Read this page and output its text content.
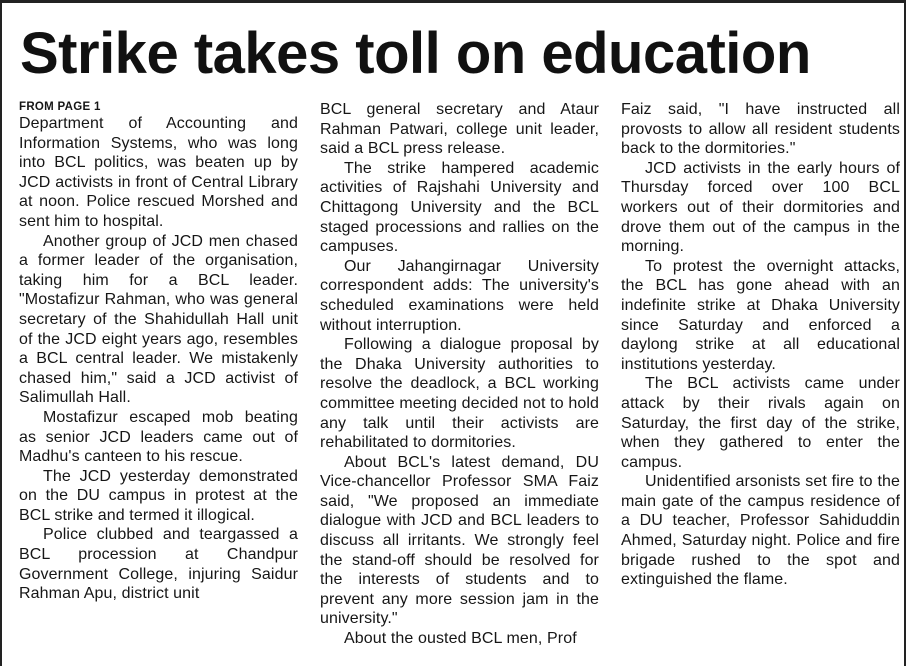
Strike takes toll on education
FROM PAGE 1

Department of Accounting and Information Systems, who was long into BCL politics, was beaten up by JCD activists in front of Central Library at noon. Police rescued Morshed and sent him to hospital.

Another group of JCD men chased a former leader of the organisation, taking him for a BCL leader. "Mostafizur Rahman, who was general secretary of the Shahidullah Hall unit of the JCD eight years ago, resembles a BCL central leader. We mistakenly chased him," said a JCD activist of Salimullah Hall.

Mostafizur escaped mob beating as senior JCD leaders came out of Madhu's canteen to his rescue.

The JCD yesterday demonstrated on the DU campus in protest at the BCL strike and termed it illogical.

Police clubbed and teargassed a BCL procession at Chandpur Government College, injuring Saidur Rahman Apu, district unit

BCL general secretary and Ataur Rahman Patwari, college unit leader, said a BCL press release.

The strike hampered academic activities of Rajshahi University and Chittagong University and the BCL staged processions and rallies on the campuses.

Our Jahangirnagar University correspondent adds: The university's scheduled examinations were held without interruption.

Following a dialogue proposal by the Dhaka University authorities to resolve the deadlock, a BCL working committee meeting decided not to hold any talk until their activists are rehabilitated to dormitories.

About BCL's latest demand, DU Vice-chancellor Professor SMA Faiz said, "We proposed an immediate dialogue with JCD and BCL leaders to discuss all irritants. We strongly feel the stand-off should be resolved for the interests of students and to prevent any more session jam in the university."

About the ousted BCL men, Prof

Faiz said, "I have instructed all provosts to allow all resident students back to the dormitories."

JCD activists in the early hours of Thursday forced over 100 BCL workers out of their dormitories and drove them out of the campus in the morning.

To protest the overnight attacks, the BCL has gone ahead with an indefinite strike at Dhaka University since Saturday and enforced a daylong strike at all educational institutions yesterday.

The BCL activists came under attack by their rivals again on Saturday, the first day of the strike, when they gathered to enter the campus.

Unidentified arsonists set fire to the main gate of the campus residence of a DU teacher, Professor Sahiduddin Ahmed, Saturday night. Police and fire brigade rushed to the spot and extinguished the flame.
